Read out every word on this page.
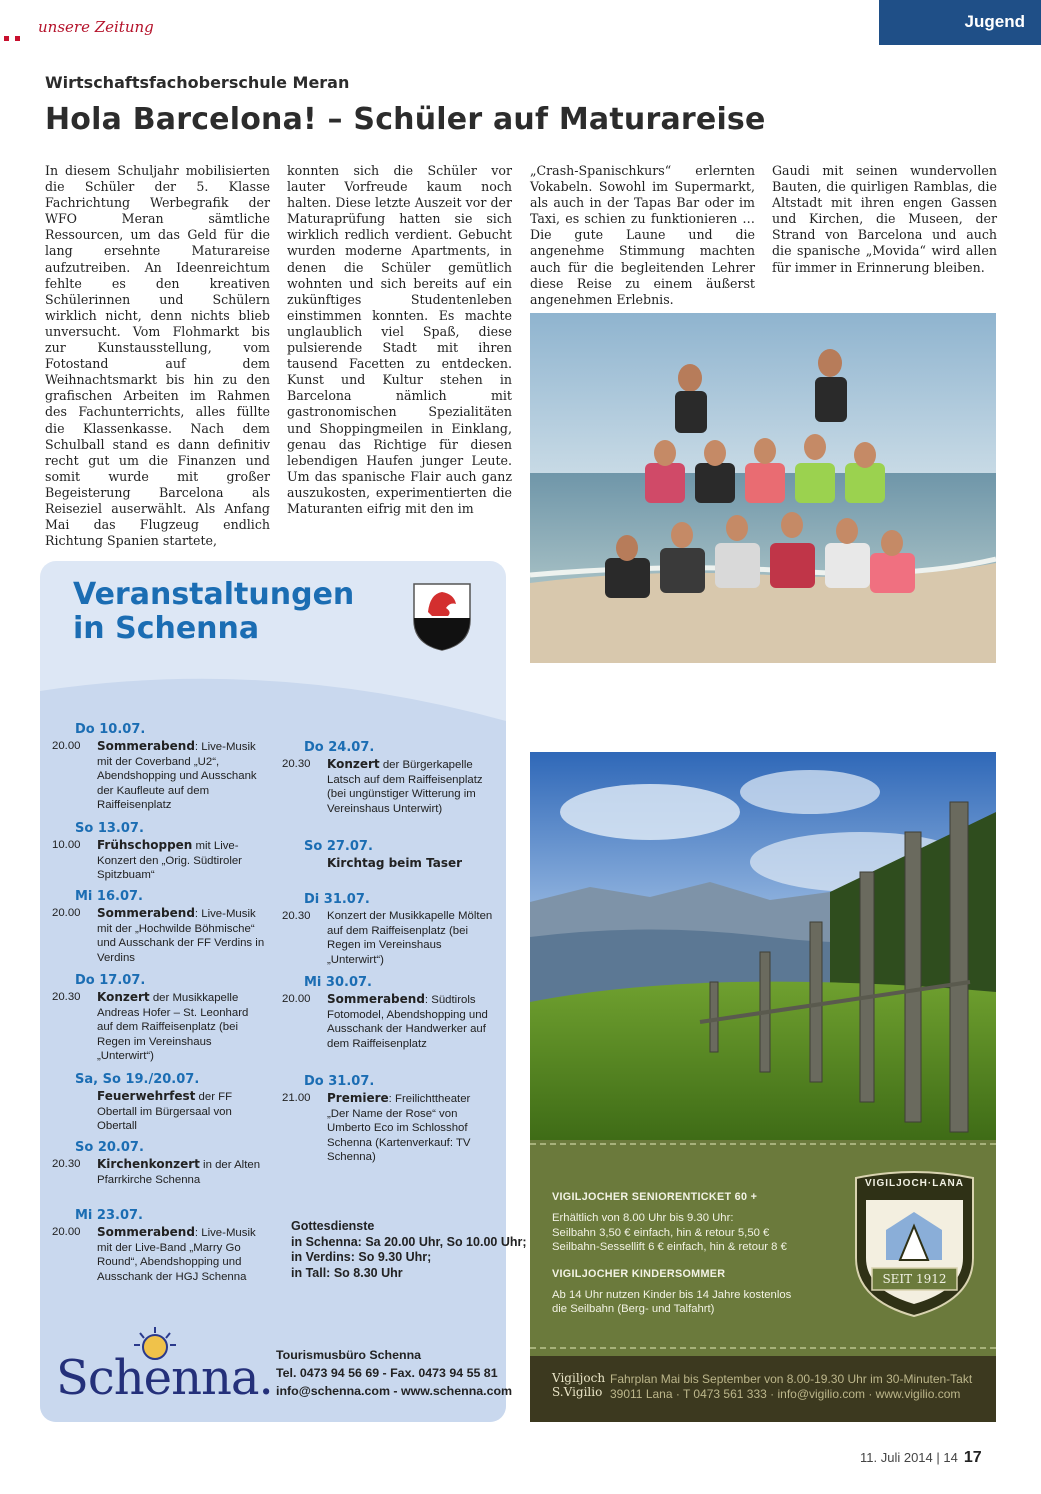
unsere Zeitung	Jugend
Wirtschaftsfachoberschule Meran
Hola Barcelona! – Schüler auf Maturareise
In diesem Schuljahr mobilisierten die Schüler der 5. Klasse Fachrichtung Werbegrafik der WFO Meran sämtliche Ressourcen, um das Geld für die lang ersehnte Maturareise aufzutreiben. An Ideenreichtum fehlte es den kreativen Schülerinnen und Schülern wirklich nicht, denn nichts blieb unversucht. Vom Flohmarkt bis zur Kunstausstellung, vom Fotostand auf dem Weihnachtsmarkt bis hin zu den grafischen Arbeiten im Rahmen des Fachunterrichts, alles füllte die Klassenkasse. Nach dem Schulball stand es dann definitiv recht gut um die Finanzen und somit wurde mit großer Begeisterung Barcelona als Reiseziel auserwählt. Als Anfang Mai das Flugzeug endlich Richtung Spanien startete,
konnten sich die Schüler vor lauter Vorfreude kaum noch halten. Diese letzte Auszeit vor der Maturaprüfung hatten sie sich wirklich redlich verdient. Gebucht wurden moderne Apartments, in denen die Schüler gemütlich wohnten und sich bereits auf ein zukünftiges Studentenleben einstimmen konnten. Es machte unglaublich viel Spaß, diese pulsierende Stadt mit ihren tausend Facetten zu entdecken. Kunst und Kultur stehen in Barcelona nämlich mit gastronomischen Spezialitäten und Shoppingmeilen in Einklang, genau das Richtige für diesen lebendigen Haufen junger Leute. Um das spanische Flair auch ganz auszukosten, experimentierten die Maturanten eifrig mit den im
„Crash-Spanischkurs“ erlernten Vokabeln. Sowohl im Supermarkt, als auch in der Tapas Bar oder im Taxi, es schien zu funktionieren … Die gute Laune und die angenehme Stimmung machten auch für die begleitenden Lehrer diese Reise zu einem äußerst angenehmen Erlebnis.
Gaudi mit seinen wundervollen Bauten, die quirligen Ramblas, die Altstadt mit ihren engen Gassen und Kirchen, die Museen, der Strand von Barcelona und auch die spanische „Movida“ wird allen für immer in Erinnerung bleiben.
Veranstaltungen
in Schenna
Do 10.07.
20.00 Sommerabend: Live-Musik mit der Coverband „U2“, Abendshopping und Ausschank der Kaufleute auf dem Raiffeisenplatz
So 13.07.
10.00 Frühschoppen mit Live-Konzert den „Orig. Südtiroler Spitzbuam“
Mi 16.07.
20.00 Sommerabend: Live-Musik mit der „Hochwilde Böhmische“ und Ausschank der FF Verdins in Verdins
Do 17.07.
20.30 Konzert der Musikkapelle Andreas Hofer – St. Leonhard auf dem Raiffeisenplatz (bei Regen im Vereinshaus „Unterwirt“)
Sa, So 19./20.07.
Feuerwehrfest der FF Obertall im Bürgersaal von Obertall
So 20.07.
20.30 Kirchenkonzert in der Alten Pfarrkirche Schenna
Mi 23.07.
20.00 Sommerabend: Live-Musik mit der Live-Band „Marry Go Round“, Abendshopping und Ausschank der HGJ Schenna
Do 24.07.
20.30 Konzert der Bürgerkapelle Latsch auf dem Raiffeisenplatz (bei ungünstiger Witterung im Vereinshaus Unterwirt)
So 27.07.
Kirchtag beim Taser
Di 31.07.
20.30 Konzert der Musikkapelle Mölten auf dem Raiffeisenplatz (bei Regen im Vereinshaus „Unterwirt“)
Mi 30.07.
20.00 Sommerabend: Südtirols Fotomodel, Abendshopping und Ausschank der Handwerker auf dem Raiffeisenplatz
Do 31.07.
21.00 Premiere: Freilichttheater „Der Name der Rose“ von Umberto Eco im Schlosshof Schenna (Kartenverkauf: TV Schenna)
Gottesdienste
in Schenna: Sa 20.00 Uhr, So 10.00 Uhr;
in Verdins: So 9.30 Uhr;
in Tall: So 8.30 Uhr
Schenna. Tourismusbüro Schenna
Tel. 0473 94 56 69 - Fax. 0473 94 55 81
info@schenna.com - www.schenna.com
VIGILJOCHER SENIORENTICKET 60 +
Erhältlich von 8.00 Uhr bis 9.30 Uhr:
Seilbahn 3,50 € einfach, hin & retour 5,50 €
Seilbahn-Sessellift 6 € einfach, hin & retour 8 €
VIGILJOCHER KINDERSOMMER
Ab 14 Uhr nutzen Kinder bis 14 Jahre kostenlos
die Seilbahn (Berg- und Talfahrt)
VIGILJOCH·LANA
SEIT 1912
Vigiljoch
S.Vigilio
Fahrplan Mai bis September von 8.00-19.30 Uhr im 30-Minuten-Takt
39011 Lana · T 0473 561 333 · info@vigilio.com · www.vigilio.com
11. Juli 2014 | 14 17
